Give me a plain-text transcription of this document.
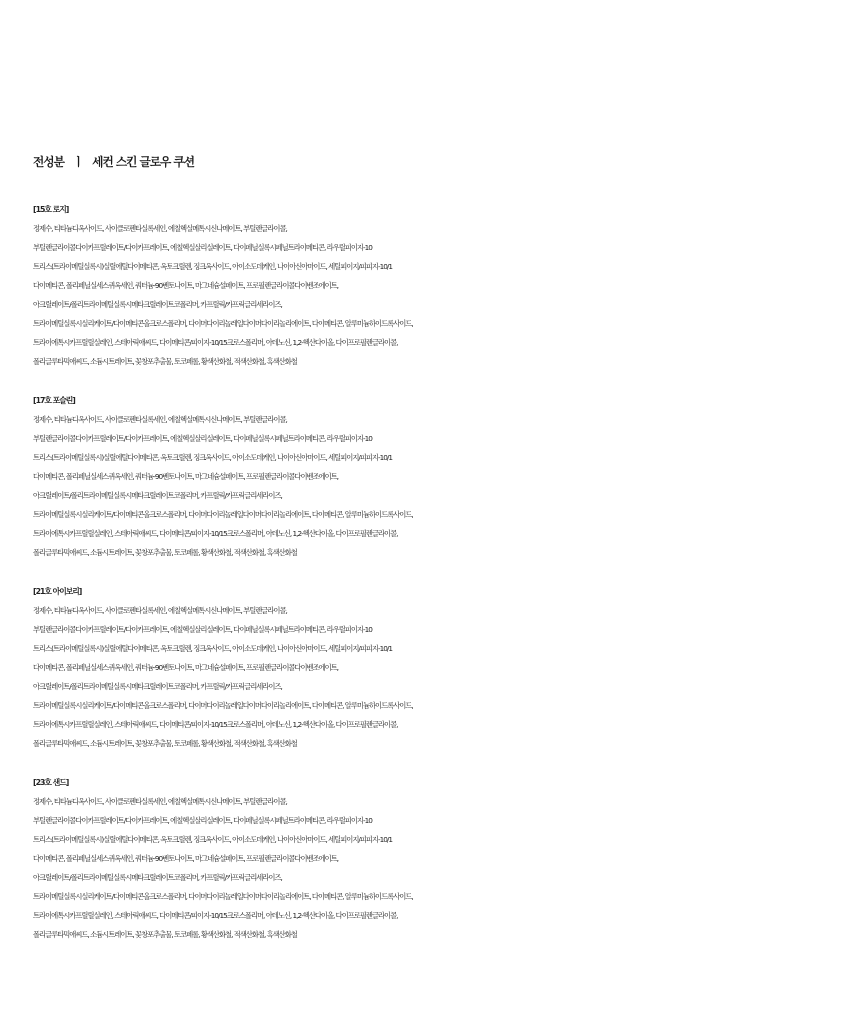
전성분 ㅣ 세컨 스킨 글로우 쿠션
[15호 로지]
정제수, 티타늄디옥사이드, 사이클로펜타실록세인, 에칠헥실메톡시신나메이트, 부틸렌글라이콜,
부틸렌글라이콜다이카프릴레이트/다이카프레이트, 에칠헥실살리실레이트, 다이페닐실록시페닐트라이메티콘, 라우릴피이지-10
트리스(트라이메틸실록시)실릴에틸다이메티콘, 옥토크릴렌, 징크옥사이드, 아이소도데케인, 나이아신아마이드, 세틸피이지/피피지-10/1
다이메티콘, 폴리페닐실세스퀴옥세인, 쿼터늄-90벤토나이트, 마그네슘설페이트, 프로필렌글라이콜다이벤조에이트,
아크릴레이트/폴리트라이메틸실록시메타크릴레이트코폴리머, 카프릴릭/카프릭글리세라이즈,
트라이메틸실록시실리케이트/다이메티콘올크로스폴리머, 다이머다이리놀레일다이머다이리놀리에이트, 다이메티콘, 알루미늄하이드록사이드,
트라이에톡시카프릴릴실레인, 스테아릭애씨드, 다이메티콘/피이지-10/15크로스폴리머, 아데노신, 1,2-헥산다이올, 다이프로필렌글라이콜,
폴리글루타믹애씨드, 소듐시트레이트, 꽃창포추출물, 토코페롤, 황색산화철, 적색산화철, 흑색산화철
[17호 포슬린]
정제수, 티타늄디옥사이드, 사이클로펜타실록세인, 에칠헥실메톡시신나메이트, 부틸렌글라이콜,
부틸렌글라이콜다이카프릴레이트/다이카프레이트, 에칠헥실살리실레이트, 다이페닐실록시페닐트라이메티콘, 라우릴피이지-10
트리스(트라이메틸실록시)실릴에틸다이메티콘, 옥토크릴렌, 징크옥사이드, 아이소도데케인, 나이아신아마이드, 세틸피이지/피피지-10/1
다이메티콘, 폴리페닐실세스퀴옥세인, 쿼터늄-90벤토나이트, 마그네슘설페이트, 프로필렌글라이콜다이벤조에이트,
아크릴레이트/폴리트라이메틸실록시메타크릴레이트코폴리머, 카프릴릭/카프릭글리세라이즈,
트라이메틸실록시실리케이트/다이메티콘올크로스폴리머, 다이머다이리놀레일다이머다이리놀리에이트, 다이메티콘, 알루미늄하이드록사이드,
트라이에톡시카프릴릴실레인, 스테아릭애씨드, 다이메티콘/피이지-10/15크로스폴리머, 아데노신, 1,2-헥산다이올, 다이프로필렌글라이콜,
폴리글루타믹애씨드, 소듐시트레이트, 꽃창포추출물, 토코페롤, 황색산화철, 적색산화철, 흑색산화철
[21호 아이보리]
정제수, 티타늄디옥사이드, 사이클로펜타실록세인, 에칠헥실메톡시신나메이트, 부틸렌글라이콜,
부틸렌글라이콜다이카프릴레이트/다이카프레이트, 에칠헥실살리실레이트, 다이페닐실록시페닐트라이메티콘, 라우릴피이지-10
트리스(트라이메틸실록시)실릴에틸다이메티콘, 옥토크릴렌, 징크옥사이드, 아이소도데케인, 나이아신아마이드, 세틸피이지/피피지-10/1
다이메티콘, 폴리페닐실세스퀴옥세인, 쿼터늄-90벤토나이트, 마그네슘설페이트, 프로필렌글라이콜다이벤조에이트,
아크릴레이트/폴리트라이메틸실록시메타크릴레이트코폴리머, 카프릴릭/카프릭글리세라이즈,
트라이메틸실록시실리케이트/다이메티콘올크로스폴리머, 다이머다이리놀레일다이머다이리놀리에이트, 다이메티콘, 알루미늄하이드록사이드,
트라이에톡시카프릴릴실레인, 스테아릭애씨드, 다이메티콘/피이지-10/15크로스폴리머, 아데노신, 1,2-헥산다이올, 다이프로필렌글라이콜,
폴리글루타믹애씨드, 소듐시트레이트, 꽃창포추출물, 토코페롤, 황색산화철, 적색산화철, 흑색산화철
[23호 샌드]
정제수, 티타늄디옥사이드, 사이클로펜타실록세인, 에칠헥실메톡시신나메이트, 부틸렌글라이콜,
부틸렌글라이콜다이카프릴레이트/다이카프레이트, 에칠헥실살리실레이트, 다이페닐실록시페닐트라이메티콘, 라우릴피이지-10
트리스(트라이메틸실록시)실릴에틸다이메티콘, 옥토크릴렌, 징크옥사이드, 아이소도데케인, 나이아신아마이드, 세틸피이지/피피지-10/1
다이메티콘, 폴리페닐실세스퀴옥세인, 쿼터늄-90벤토나이트, 마그네슘설페이트, 프로필렌글라이콜다이벤조에이트,
아크릴레이트/폴리트라이메틸실록시메타크릴레이트코폴리머, 카프릴릭/카프릭글리세라이즈,
트라이메틸실록시실리케이트/다이메티콘올크로스폴리머, 다이머다이리놀레일다이머다이리놀리에이트, 다이메티콘, 알루미늄하이드록사이드,
트라이에톡시카프릴릴실레인, 스테아릭애씨드, 다이메티콘/피이지-10/15크로스폴리머, 아데노신, 1,2-헥산다이올, 다이프로필렌글라이콜,
폴리글루타믹애씨드, 소듐시트레이트, 꽃창포추출물, 토코페롤, 황색산화철, 적색산화철, 흑색산화철
